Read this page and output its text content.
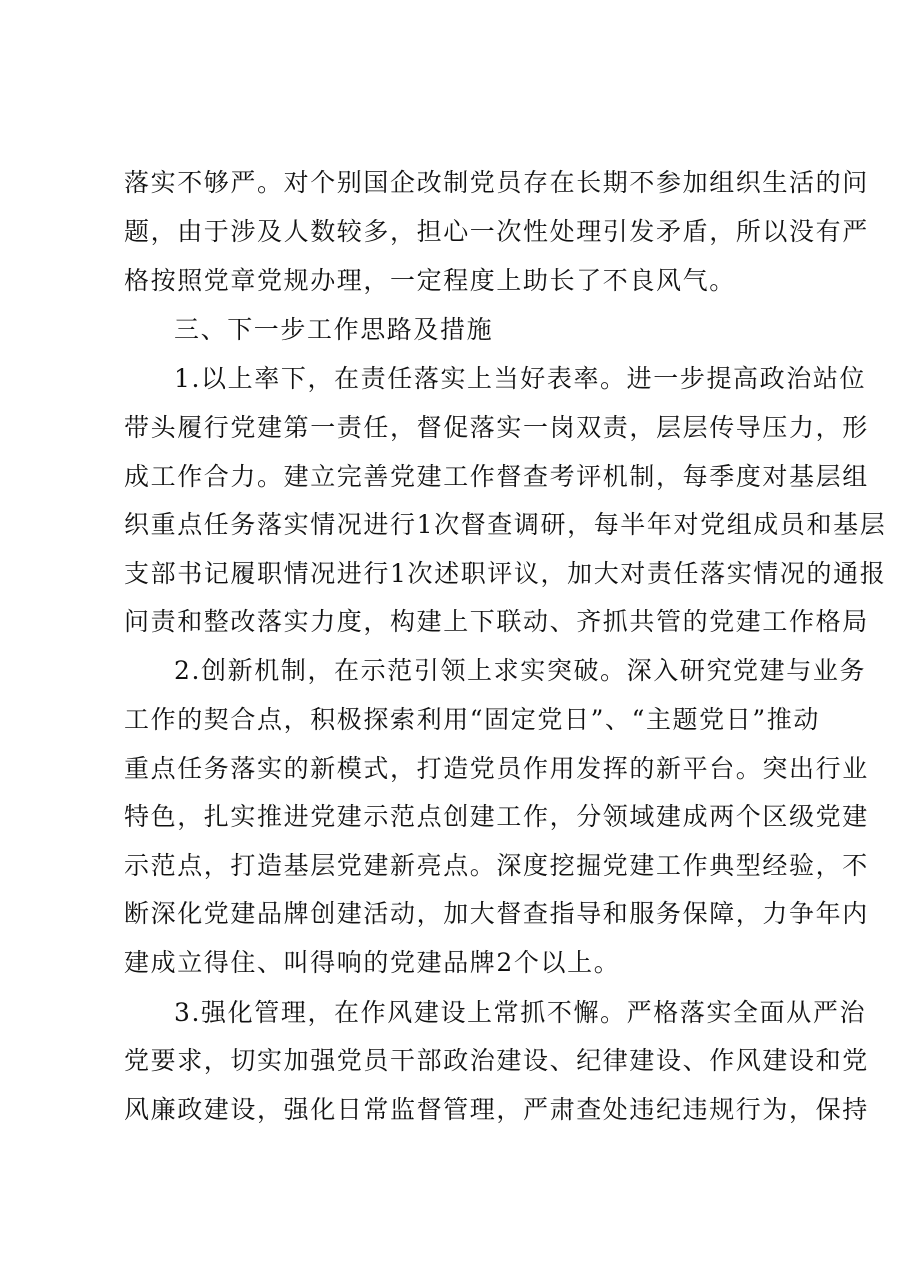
落实不够严。对个别国企改制党员存在长期不参加组织生活的问
题，由于涉及人数较多，担心一次性处理引发矛盾，所以没有严
格按照党章党规办理，一定程度上助长了不良风气。
三、下一步工作思路及措施
1.以上率下，在责任落实上当好表率。进一步提高政治站位
带头履行党建第一责任，督促落实一岗双责，层层传导压力，形
成工作合力。建立完善党建工作督查考评机制，每季度对基层组
织重点任务落实情况进行1次督查调研，每半年对党组成员和基层
支部书记履职情况进行1次述职评议，加大对责任落实情况的通报
问责和整改落实力度，构建上下联动、齐抓共管的党建工作格局
2.创新机制，在示范引领上求实突破。深入研究党建与业务
工作的契合点，积极探索利用“固定党日”、“主题党日”推动
重点任务落实的新模式，打造党员作用发挥的新平台。突出行业
特色，扎实推进党建示范点创建工作，分领域建成两个区级党建
示范点，打造基层党建新亮点。深度挖掘党建工作典型经验，不
断深化党建品牌创建活动，加大督查指导和服务保障，力争年内
建成立得住、叫得响的党建品牌2个以上。
3.强化管理，在作风建设上常抓不懈。严格落实全面从严治
党要求，切实加强党员干部政治建设、纪律建设、作风建设和党
风廉政建设，强化日常监督管理，严肃查处违纪违规行为，保持
